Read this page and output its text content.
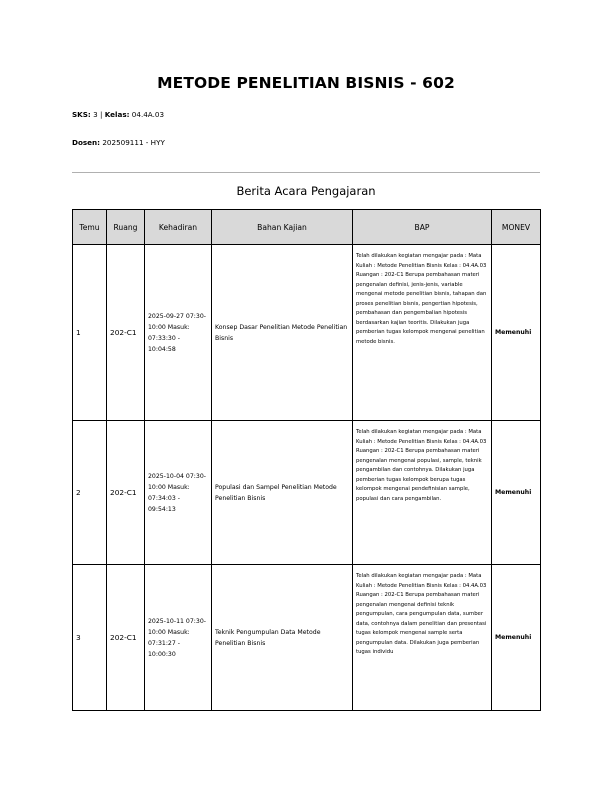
METODE PENELITIAN BISNIS - 602
SKS: 3 | Kelas: 04.4A.03
Dosen: 202509111 - HYY
Berita Acara Pengajaran
Temu	Ruang	Kehadiran	Bahan Kajian	BAP	MONEV
1	202-C1	2025-09-27 07:30-10:00 Masuk: 07:33:30 - 10:04:58	Konsep Dasar Penelitian Metode Penelitian Bisnis	Telah dilakukan kegiatan mengajar pada : Mata Kuliah : Metode Penelitian Bisnis Kelas : 04.4A.03 Ruangan : 202-C1 Berupa pembahasan materi pengenalan definisi, jenis-jenis, variable mengenai metode penelitian bisnis, tahapan dan proses penelitian bisnis, pengertian hipotesis, pembahasan dan pengembalian hipotesis berdasarkan kajian teoritis. Dilakukan juga pemberian tugas kelompok mengenai penelitian metode bisnis.	Memenuhi
2	202-C1	2025-10-04 07:30-10:00 Masuk: 07:34:03 - 09:54:13	Populasi dan Sampel Penelitian Metode Penelitian Bisnis	Telah dilakukan kegiatan mengajar pada : Mata Kuliah : Metode Penelitian Bisnis Kelas : 04.4A.03 Ruangan : 202-C1 Berupa pembahasan materi pengenalan mengenai populasi, sample, teknik pengambilan dan contohnya. Dilakukan juga pemberian tugas kelompok berupa tugas kelompok mengenai pendefinisian sample, populasi dan cara pengambilan.	Memenuhi
3	202-C1	2025-10-11 07:30-10:00 Masuk: 07:31:27 - 10:00:30	Teknik Pengumpulan Data Metode Penelitian Bisnis	Telah dilakukan kegiatan mengajar pada : Mata Kuliah : Metode Penelitian Bisnis Kelas : 04.4A.03 Ruangan : 202-C1 Berupa pembahasan materi pengenalan mengenai definisi teknik pengumpulan, cara pengumpulan data, sumber data, contohnya dalam penelitian dan presentasi tugas kelompok mengenai sample serta pengumpulan data. Dilakukan juga pemberian tugas individu	Memenuhi
